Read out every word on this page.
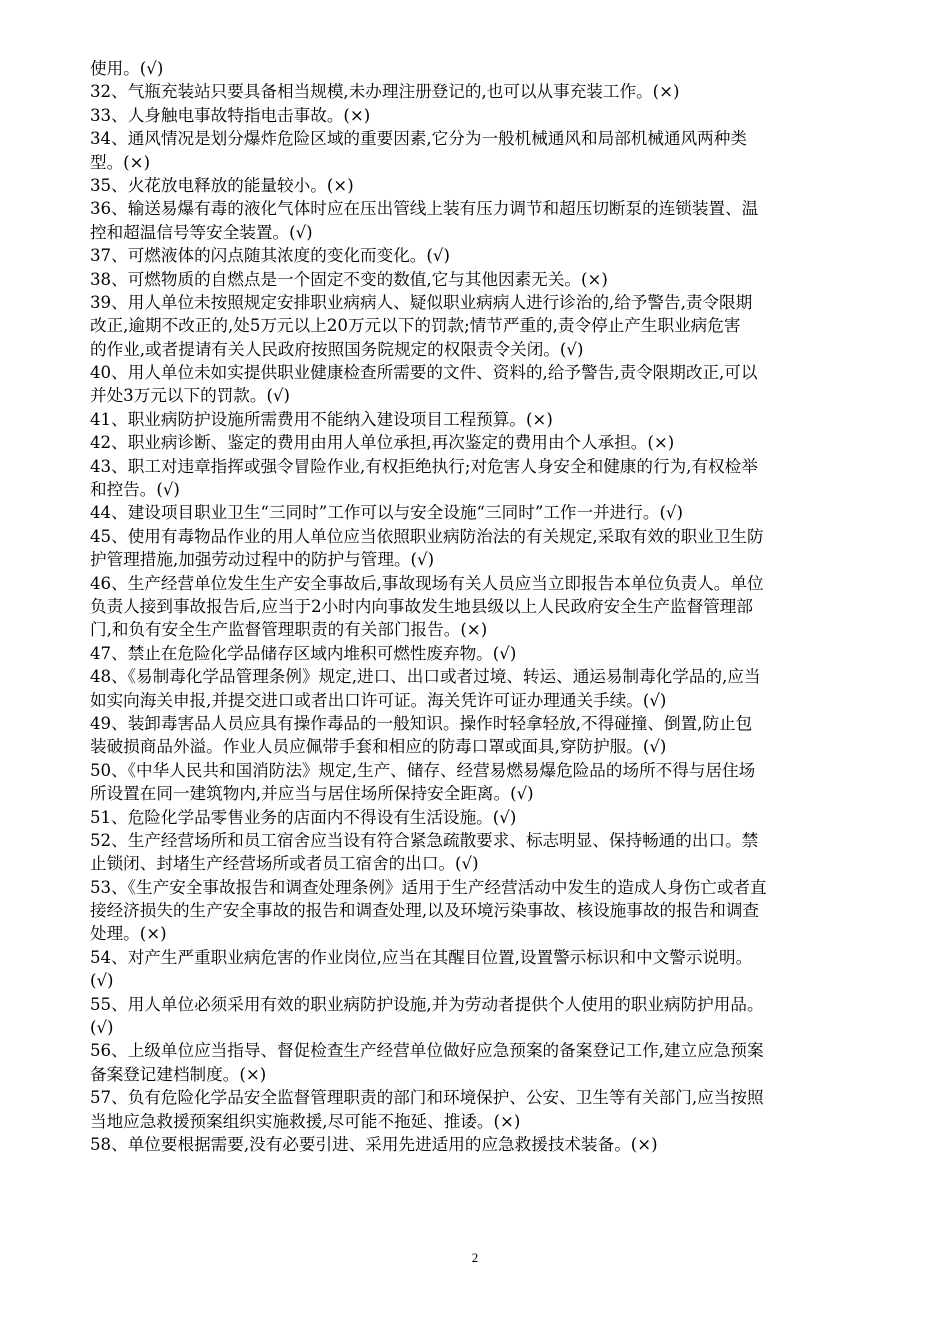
使用。(√)
32、气瓶充装站只要具备相当规模,未办理注册登记的,也可以从事充装工作。(×)
33、人身触电事故特指电击事故。(×)
34、通风情况是划分爆炸危险区域的重要因素,它分为一般机械通风和局部机械通风两种类
型。(×)
35、火花放电释放的能量较小。(×)
36、输送易爆有毒的液化气体时应在压出管线上装有压力调节和超压切断泵的连锁装置、温
控和超温信号等安全装置。(√)
37、可燃液体的闪点随其浓度的变化而变化。(√)
38、可燃物质的自燃点是一个固定不变的数值,它与其他因素无关。(×)
39、用人单位未按照规定安排职业病病人、疑似职业病病人进行诊治的,给予警告,责令限期
改正,逾期不改正的,处5万元以上20万元以下的罚款;情节严重的,责令停止产生职业病危害
的作业,或者提请有关人民政府按照国务院规定的权限责令关闭。(√)
40、用人单位未如实提供职业健康检查所需要的文件、资料的,给予警告,责令限期改正,可以
并处3万元以下的罚款。(√)
41、职业病防护设施所需费用不能纳入建设项目工程预算。(×)
42、职业病诊断、鉴定的费用由用人单位承担,再次鉴定的费用由个人承担。(×)
43、职工对违章指挥或强令冒险作业,有权拒绝执行;对危害人身安全和健康的行为,有权检举
和控告。(√)
44、建设项目职业卫生“三同时”工作可以与安全设施“三同时”工作一并进行。(√)
45、使用有毒物品作业的用人单位应当依照职业病防治法的有关规定,采取有效的职业卫生防
护管理措施,加强劳动过程中的防护与管理。(√)
46、生产经营单位发生生产安全事故后,事故现场有关人员应当立即报告本单位负责人。单位
负责人接到事故报告后,应当于2小时内向事故发生地县级以上人民政府安全生产监督管理部
门,和负有安全生产监督管理职责的有关部门报告。(×)
47、禁止在危险化学品储存区域内堆积可燃性废弃物。(√)
48、《易制毒化学品管理条例》规定,进口、出口或者过境、转运、通运易制毒化学品的,应当
如实向海关申报,并提交进口或者出口许可证。海关凭许可证办理通关手续。(√)
49、装卸毒害品人员应具有操作毒品的一般知识。操作时轻拿轻放,不得碰撞、倒置,防止包
装破损商品外溢。作业人员应佩带手套和相应的防毒口罩或面具,穿防护服。(√)
50、《中华人民共和国消防法》规定,生产、储存、经营易燃易爆危险品的场所不得与居住场
所设置在同一建筑物内,并应当与居住场所保持安全距离。(√)
51、危险化学品零售业务的店面内不得设有生活设施。(√)
52、生产经营场所和员工宿舍应当设有符合紧急疏散要求、标志明显、保持畅通的出口。禁
止锁闭、封堵生产经营场所或者员工宿舍的出口。(√)
53、《生产安全事故报告和调查处理条例》适用于生产经营活动中发生的造成人身伤亡或者直
接经济损失的生产安全事故的报告和调查处理,以及环境污染事故、核设施事故的报告和调查
处理。(×)
54、对产生严重职业病危害的作业岗位,应当在其醒目位置,设置警示标识和中文警示说明。
(√)
55、用人单位必须采用有效的职业病防护设施,并为劳动者提供个人使用的职业病防护用品。
(√)
56、上级单位应当指导、督促检查生产经营单位做好应急预案的备案登记工作,建立应急预案
备案登记建档制度。(×)
57、负有危险化学品安全监督管理职责的部门和环境保护、公安、卫生等有关部门,应当按照
当地应急救援预案组织实施救援,尽可能不拖延、推诿。(×)
58、单位要根据需要,没有必要引进、采用先进适用的应急救援技术装备。(×)
2
